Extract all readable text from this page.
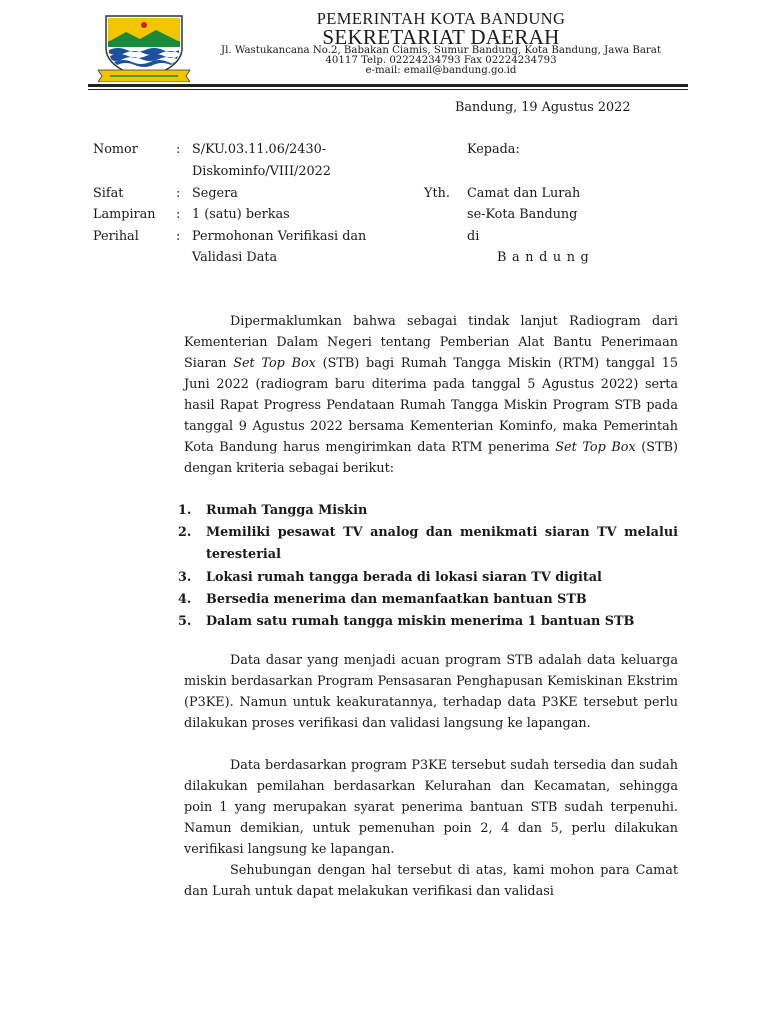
PEMERINTAH KOTA BANDUNG
SEKRETARIAT DAERAH
Jl. Wastukancana No.2, Babakan Ciamis, Sumur Bandung, Kota Bandung, Jawa Barat
40117 Telp. 02224234793 Fax 02224234793
e-mail: email@bandung.go.id
Bandung, 19 Agustus 2022
Nomor	: S/KU.03.11.06/2430-
Diskominfo/VIII/2022
Sifat	: Segera
Lampiran : 1 (satu) berkas
Perihal	: Permohonan Verifikasi dan
Validasi Data
Kepada:
Yth. Camat dan Lurah
se-Kota Bandung
di
Bandung
Dipermaklumkan bahwa sebagai tindak lanjut Radiogram dari Kementerian Dalam Negeri tentang Pemberian Alat Bantu Penerimaan Siaran Set Top Box (STB) bagi Rumah Tangga Miskin (RTM) tanggal 15 Juni 2022 (radiogram baru diterima pada tanggal 5 Agustus 2022) serta hasil Rapat Progress Pendataan Rumah Tangga Miskin Program STB pada tanggal 9 Agustus 2022 bersama Kementerian Kominfo, maka Pemerintah Kota Bandung harus mengirimkan data RTM penerima Set Top Box (STB) dengan kriteria sebagai berikut:
1. Rumah Tangga Miskin
2. Memiliki pesawat TV analog dan menikmati siaran TV melalui teresterial
3. Lokasi rumah tangga berada di lokasi siaran TV digital
4. Bersedia menerima dan memanfaatkan bantuan STB
5. Dalam satu rumah tangga miskin menerima 1 bantuan STB
Data dasar yang menjadi acuan program STB adalah data keluarga miskin berdasarkan Program Pensasaran Penghapusan Kemiskinan Ekstrim (P3KE). Namun untuk keakuratannya, terhadap data P3KE tersebut perlu dilakukan proses verifikasi dan validasi langsung ke lapangan.
Data berdasarkan program P3KE tersebut sudah tersedia dan sudah dilakukan pemilahan berdasarkan Kelurahan dan Kecamatan, sehingga poin 1 yang merupakan syarat penerima bantuan STB sudah terpenuhi. Namun demikian, untuk pemenuhan poin 2, 4 dan 5, perlu dilakukan verifikasi langsung ke lapangan.
Sehubungan dengan hal tersebut di atas, kami mohon para Camat dan Lurah untuk dapat melakukan verifikasi dan validasi
